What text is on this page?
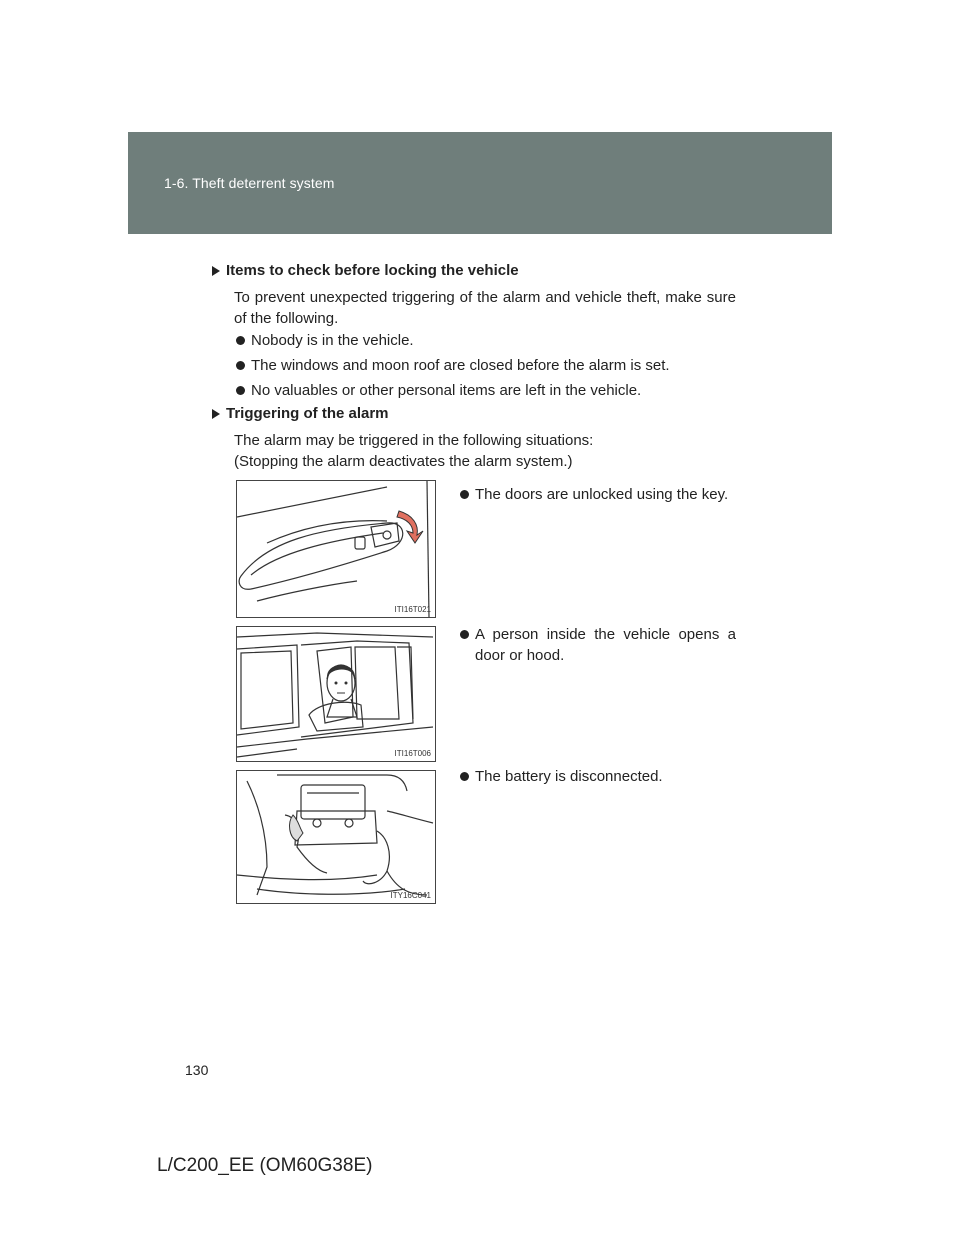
1-6. Theft deterrent system
Items to check before locking the vehicle
To prevent unexpected triggering of the alarm and vehicle theft, make sure of the following.
Nobody is in the vehicle.
The windows and moon roof are closed before the alarm is set.
No valuables or other personal items are left in the vehicle.
Triggering of the alarm
The alarm may be triggered in the following situations:
(Stopping the alarm deactivates the alarm system.)
ITI16T021
The doors are unlocked using the key.
ITI16T006
A person inside the vehicle opens a door or hood.
ITY16C041
The battery is disconnected.
130
L/C200_EE (OM60G38E)
